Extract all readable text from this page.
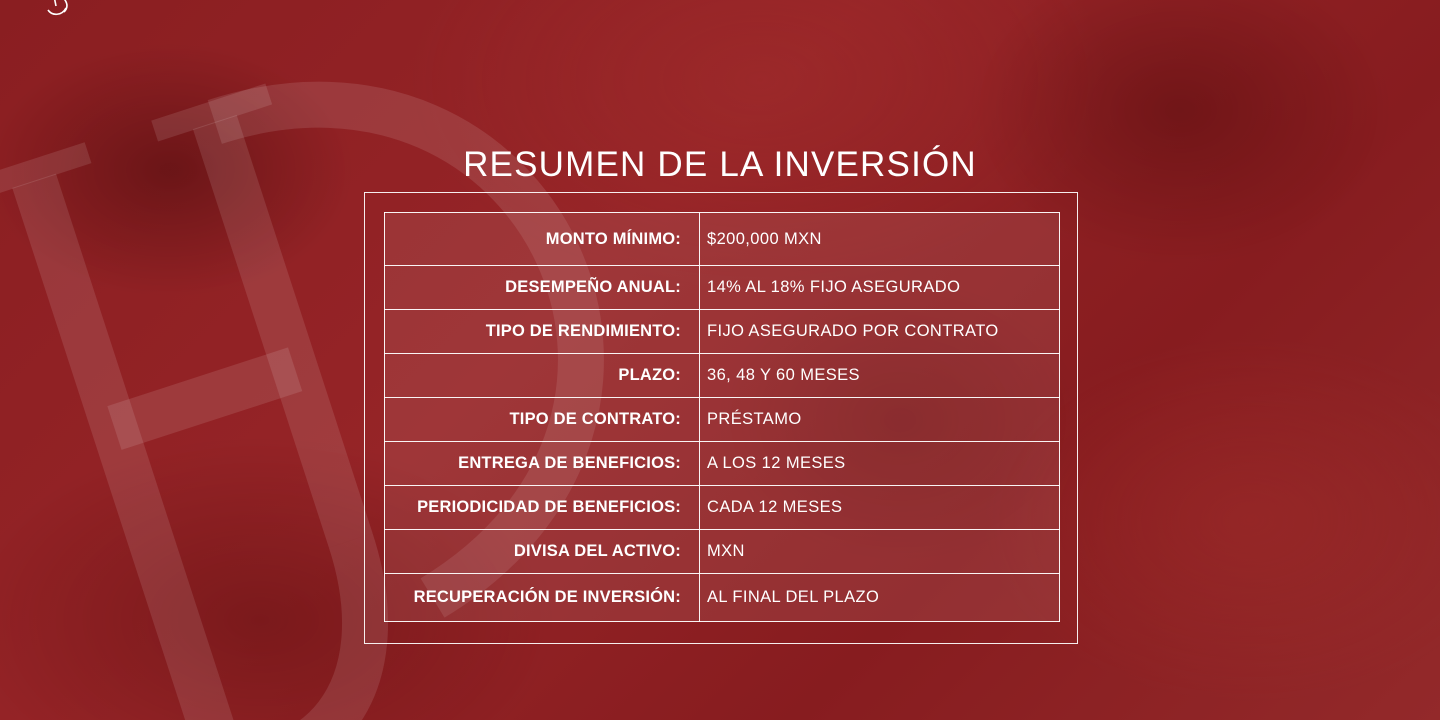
RESUMEN DE LA INVERSIÓN
MONTO MÍNIMO:	$200,000 MXN
DESEMPEÑO ANUAL:	14% AL 18% FIJO ASEGURADO
TIPO DE RENDIMIENTO:	FIJO ASEGURADO POR CONTRATO
PLAZO:	36, 48 Y 60 MESES
TIPO DE CONTRATO:	PRÉSTAMO
ENTREGA DE BENEFICIOS:	A LOS 12 MESES
PERIODICIDAD DE BENEFICIOS:	CADA 12 MESES
DIVISA DEL ACTIVO:	MXN
RECUPERACIÓN DE INVERSIÓN:	AL FINAL DEL PLAZO
